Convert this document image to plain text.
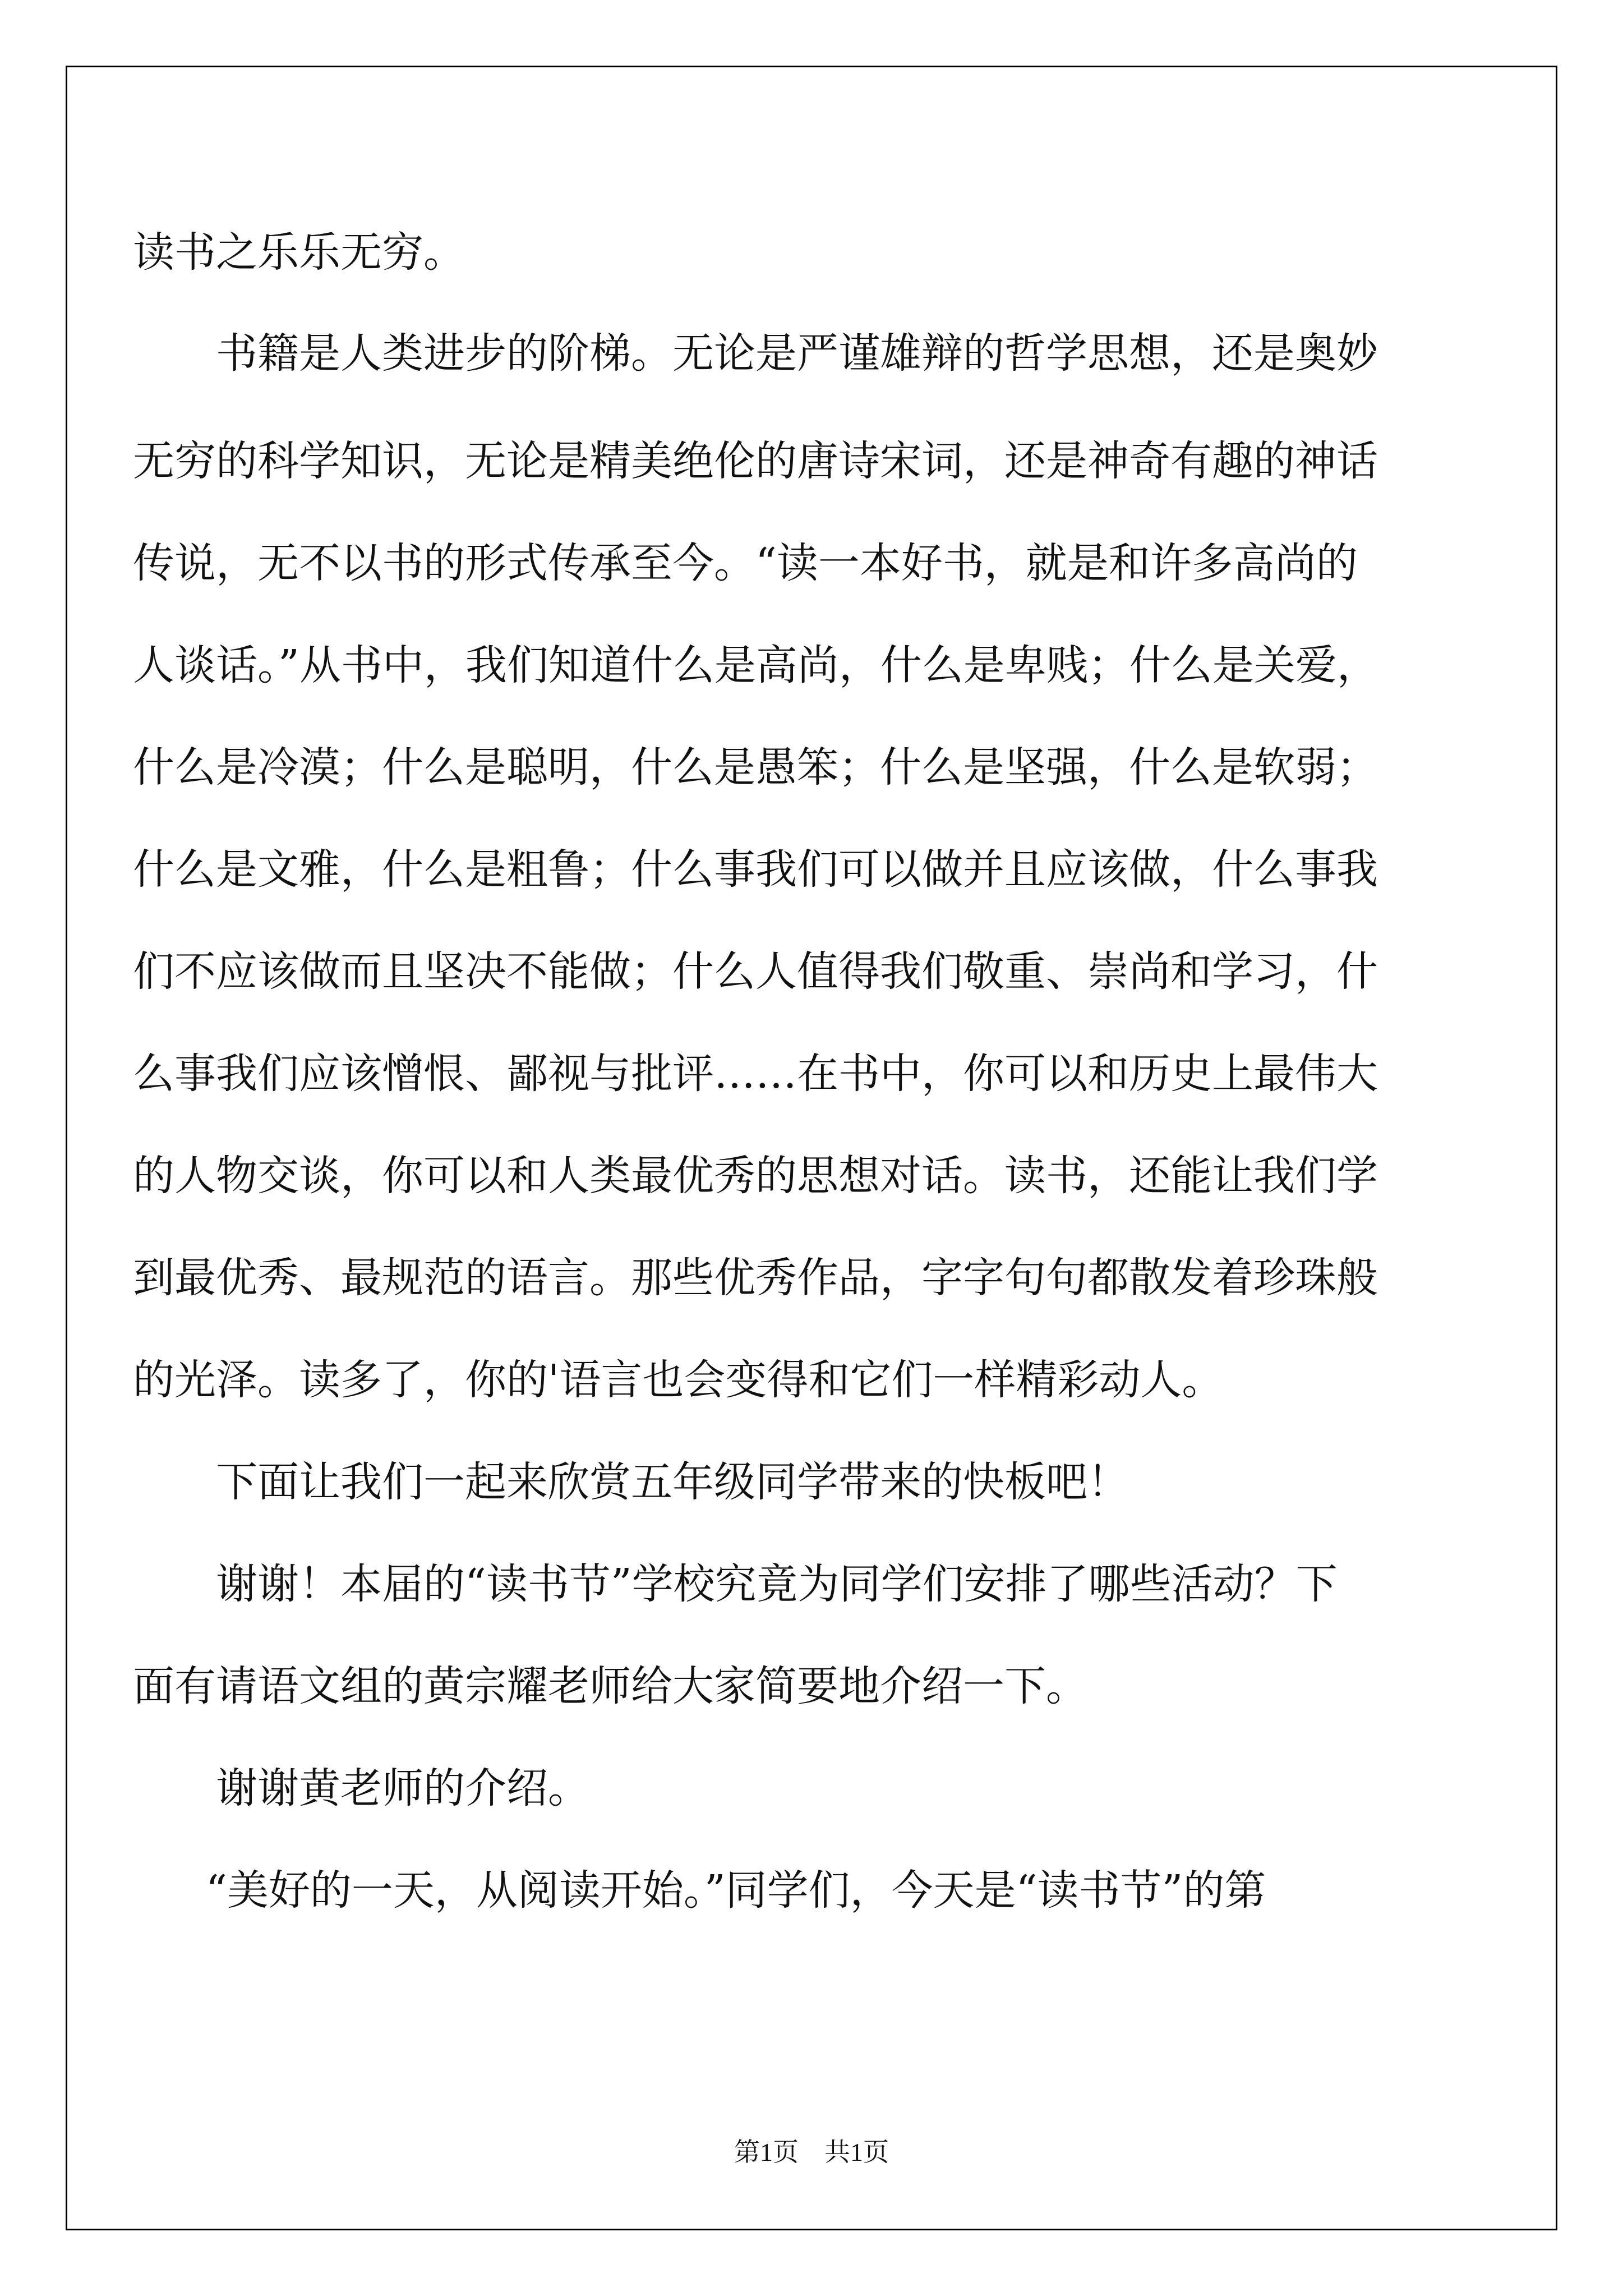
读书之乐乐无穷。
书籍是人类进步的阶梯。无论是严谨雄辩的哲学思想，还是奥妙
无穷的科学知识，无论是精美绝伦的唐诗宋词，还是神奇有趣的神话
传说，无不以书的形式传承至今。“读一本好书，就是和许多高尚的
人谈话。”从书中，我们知道什么是高尚，什么是卑贱；什么是关爱，
什么是冷漠；什么是聪明，什么是愚笨；什么是坚强，什么是软弱；
什么是文雅，什么是粗鲁；什么事我们可以做并且应该做，什么事我
们不应该做而且坚决不能做；什么人值得我们敬重、崇尚和学习，什
么事我们应该憎恨、鄙视与批评……在书中，你可以和历史上最伟大
的人物交谈，你可以和人类最优秀的思想对话。读书，还能让我们学
到最优秀、最规范的语言。那些优秀作品，字字句句都散发着珍珠般
的光泽。读多了，你的'语言也会变得和它们一样精彩动人。
下面让我们一起来欣赏五年级同学带来的快板吧！
谢谢！本届的“读书节”学校究竟为同学们安排了哪些活动？下
面有请语文组的黄宗耀老师给大家简要地介绍一下。
谢谢黄老师的介绍。
“美好的一天，从阅读开始。”同学们，今天是“读书节”的第
第1页　共1页
